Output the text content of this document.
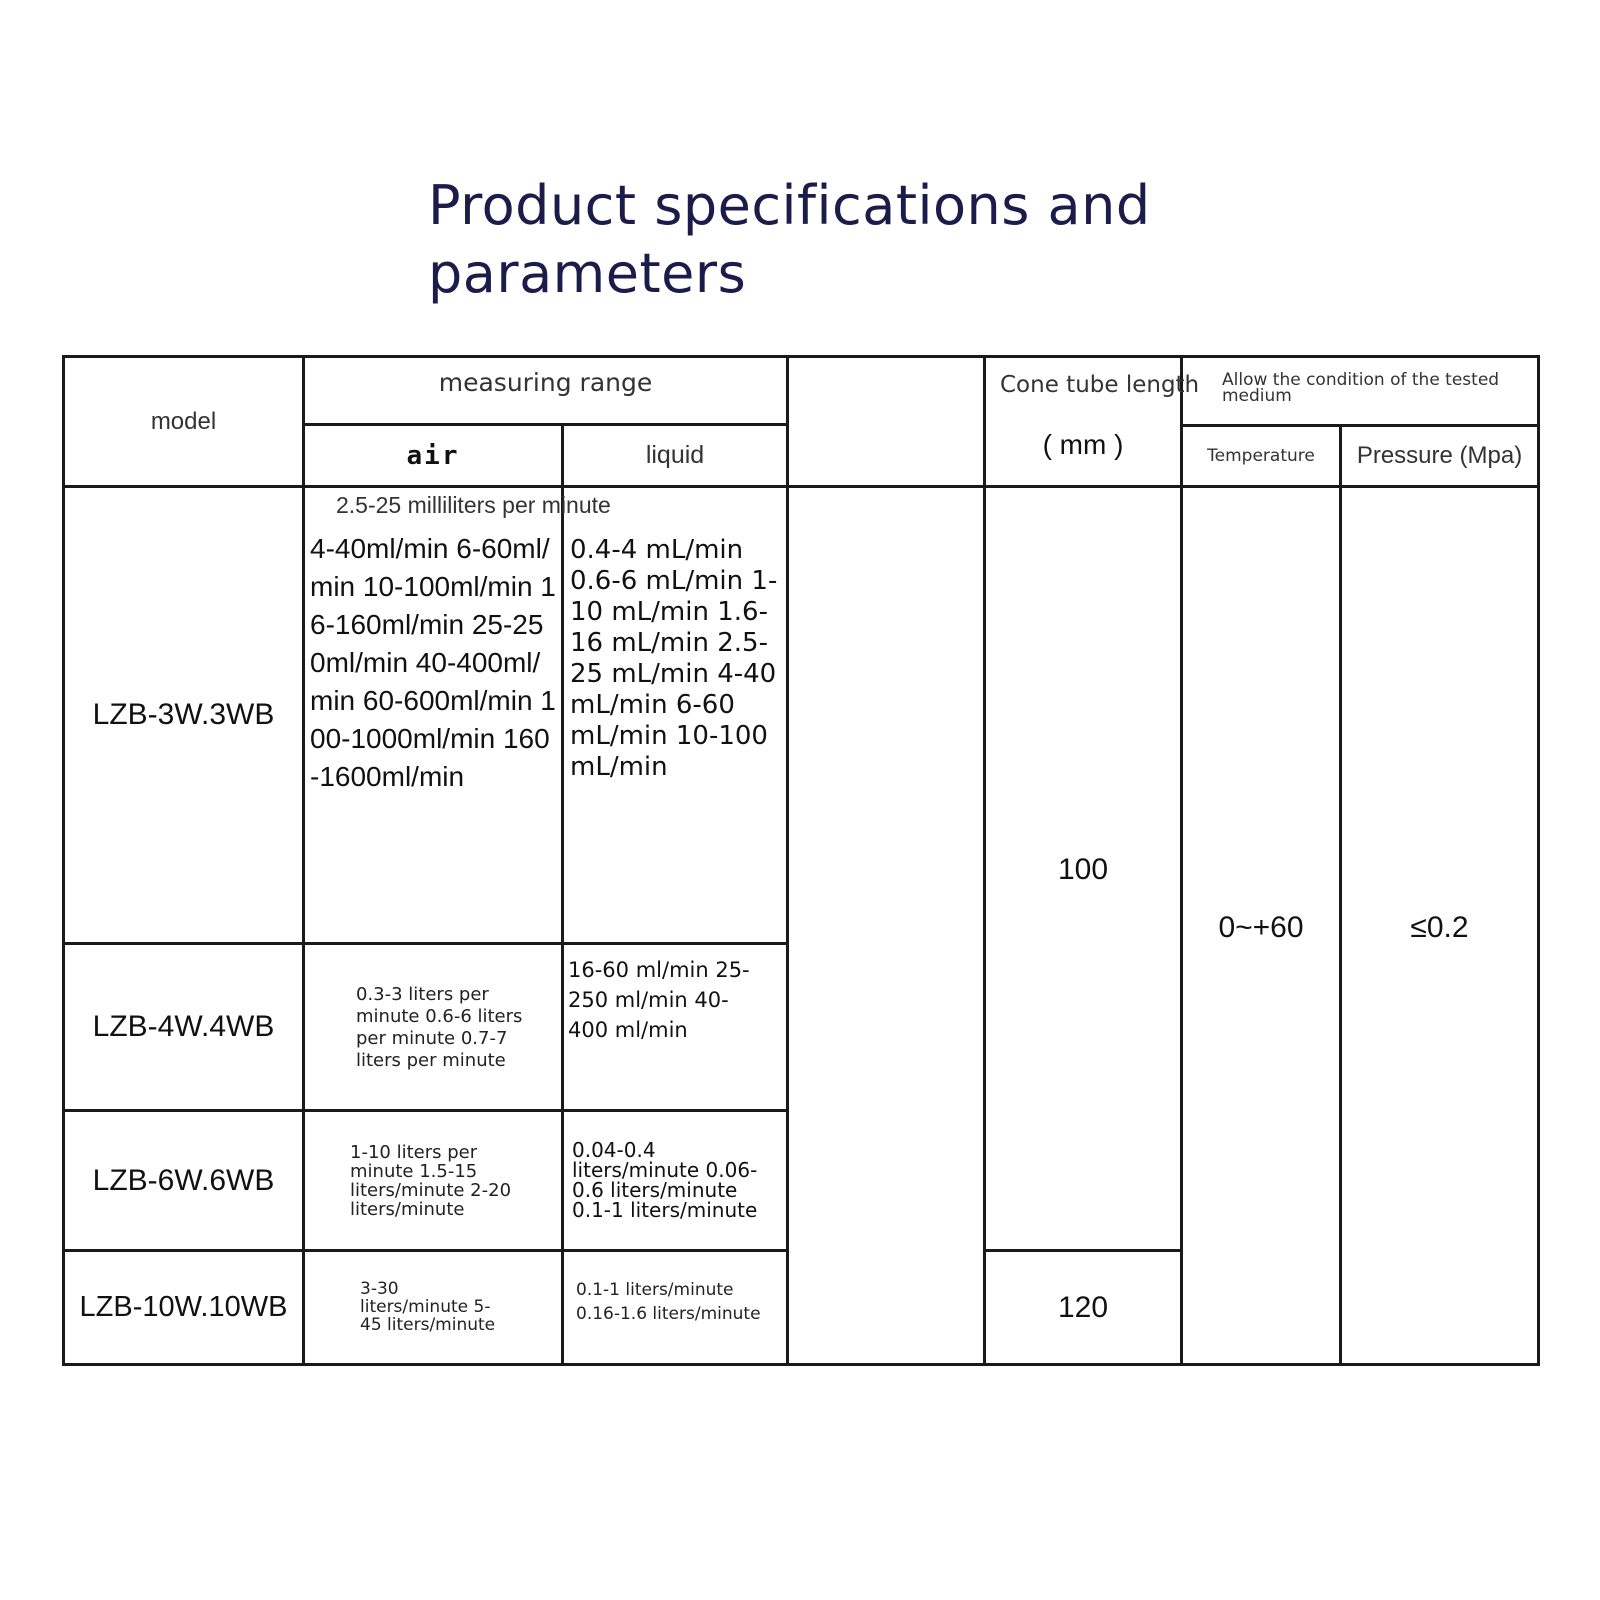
Product specifications and parameters
model
measuring range
air	liquid
Cone tube length
( mm )
Allow the condition of the tested medium
Temperature Pressure (Mpa)
LZB-3W.3WB
2.5-25 milliliters per minute
4-40ml/min 6-60ml/min 10-100ml/min 16-160ml/min 25-250ml/min 40-400ml/min 60-600ml/min 100-1000ml/min 160-1600ml/min
0.4-4 mL/min 0.6-6 mL/min 1-10 mL/min 1.6-16 mL/min 2.5-25 mL/min 4-40 mL/min 6-60 mL/min 10-100 mL/min
LZB-4W.4WB
0.3-3 liters per minute 0.6-6 liters per minute 0.7-7 liters per minute
16-60 ml/min 25-250 ml/min 40-400 ml/min
LZB-6W.6WB
1-10 liters per minute 1.5-15 liters/minute 2-20 liters/minute
0.04-0.4 liters/minute 0.06-0.6 liters/minute 0.1-1 liters/minute
LZB-10W.10WB
3-30 liters/minute 5-45 liters/minute
0.1-1 liters/minute 0.16-1.6 liters/minute
100
120
0~+60	≤0.2
